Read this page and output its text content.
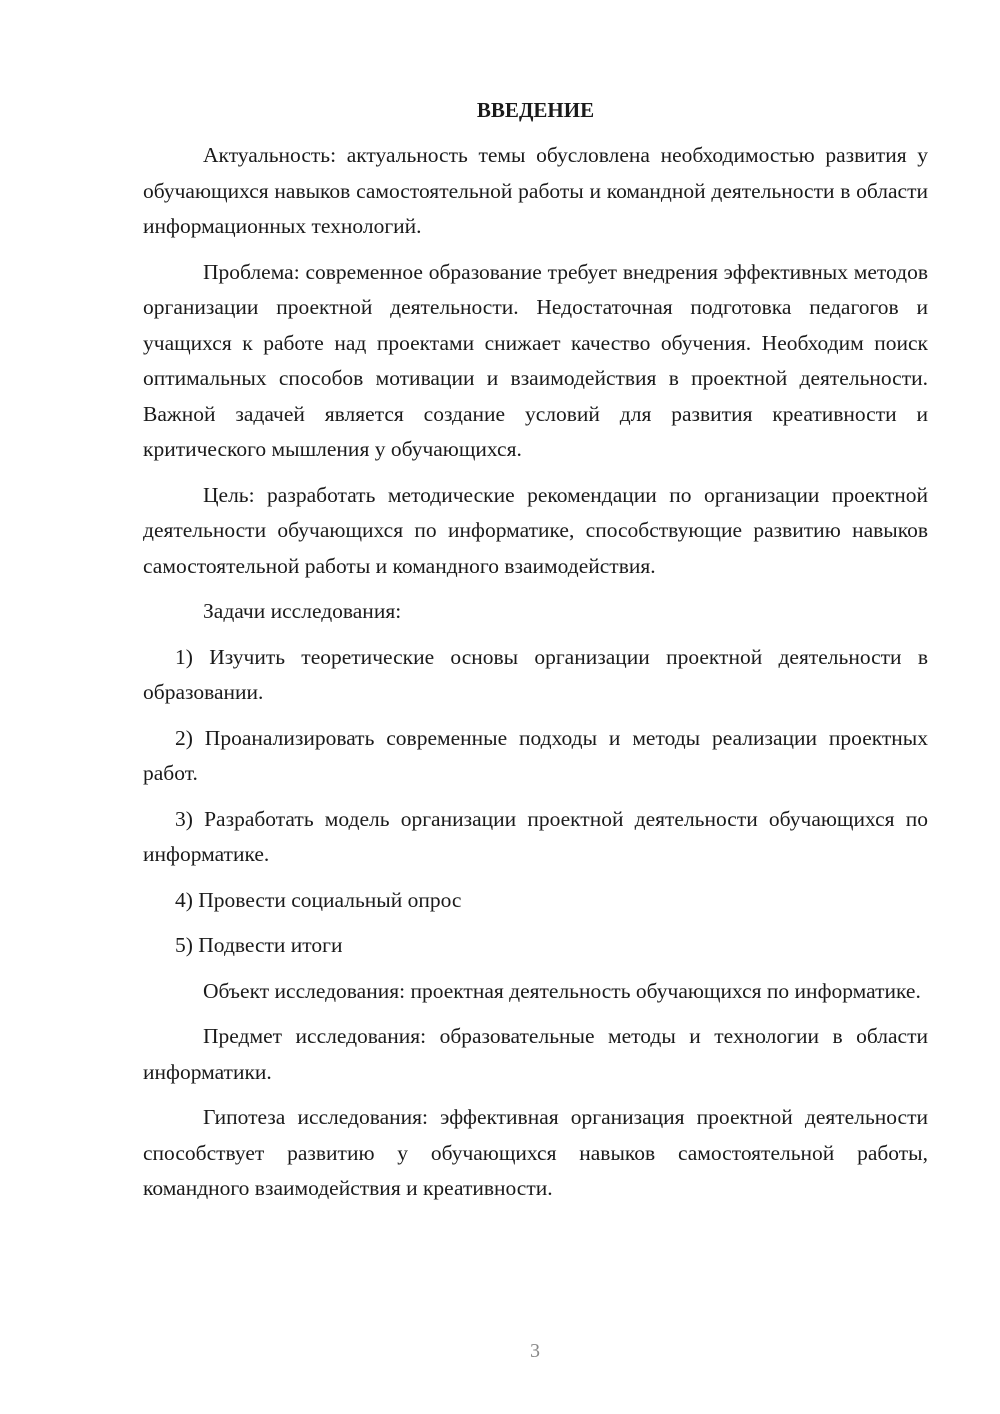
ВВЕДЕНИЕ

Актуальность: актуальность темы обусловлена необходимостью развития у обучающихся навыков самостоятельной работы и командной деятельности в области информационных технологий.

Проблема: современное образование требует внедрения эффективных методов организации проектной деятельности. Недостаточная подготовка педагогов и учащихся к работе над проектами снижает качество обучения. Необходим поиск оптимальных способов мотивации и взаимодействия в проектной деятельности. Важной задачей является создание условий для развития креативности и критического мышления у обучающихся.

Цель: разработать методические рекомендации по организации проектной деятельности обучающихся по информатике, способствующие развитию навыков самостоятельной работы и командного взаимодействия.

Задачи исследования:

1) Изучить теоретические основы организации проектной деятельности в образовании.

2) Проанализировать современные подходы и методы реализации проектных работ.

3) Разработать модель организации проектной деятельности обучающихся по информатике.

4) Провести социальный опрос

5) Подвести итоги

Объект исследования: проектная деятельность обучающихся по информатике.

Предмет исследования: образовательные методы и технологии в области информатики.

Гипотеза исследования: эффективная организация проектной деятельности способствует развитию у обучающихся навыков самостоятельной работы, командного взаимодействия и креативности.

3
